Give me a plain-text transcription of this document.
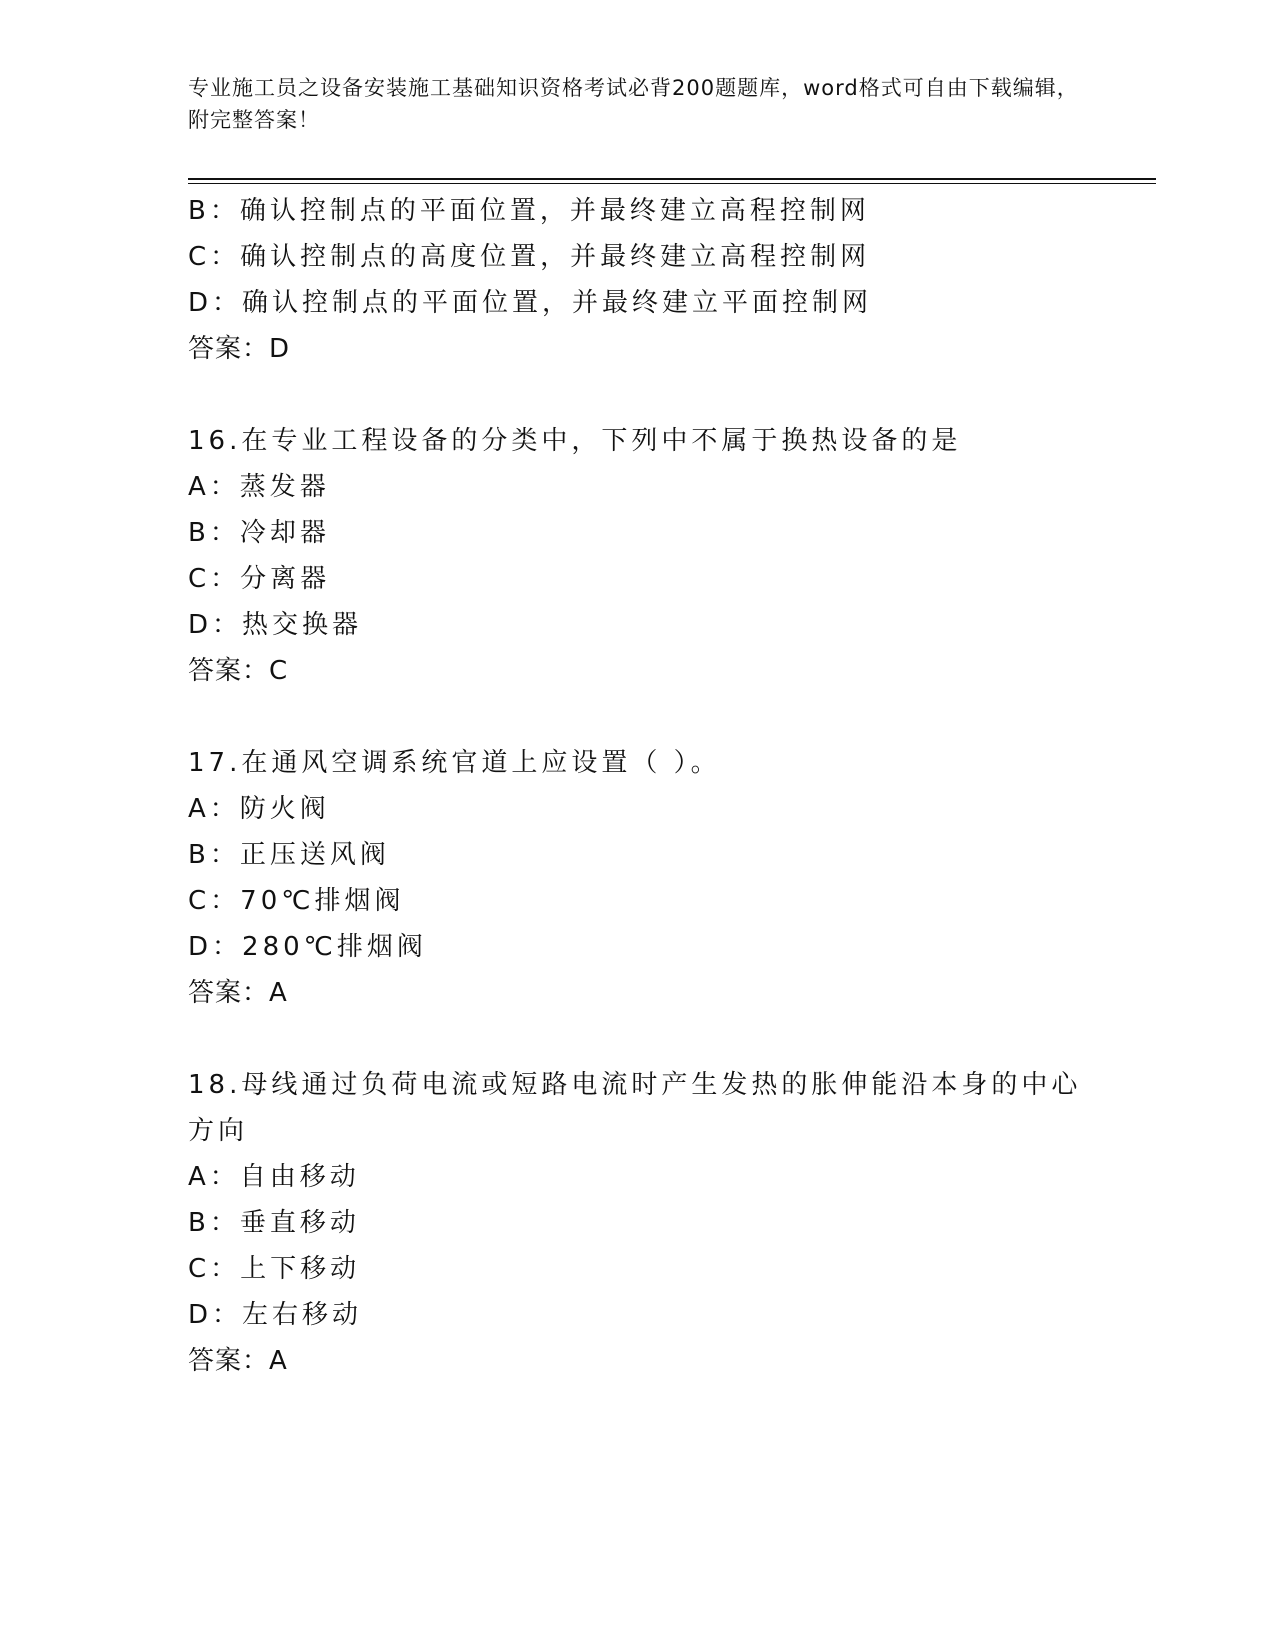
专业施工员之设备安装施工基础知识资格考试必背200题题库，word格式可自由下载编辑，附完整答案！
B：确认控制点的平面位置，并最终建立高程控制网
C：确认控制点的高度位置，并最终建立高程控制网
D：确认控制点的平面位置，并最终建立平面控制网
答案：D
16.在专业工程设备的分类中，下列中不属于换热设备的是
A：蒸发器
B：冷却器
C：分离器
D：热交换器
答案：C
17.在通风空调系统官道上应设置（ ）。
A：防火阀
B：正压送风阀
C：70℃排烟阀
D：280℃排烟阀
答案：A
18.母线通过负荷电流或短路电流时产生发热的胀伸能沿本身的中心方向
A：自由移动
B：垂直移动
C：上下移动
D：左右移动
答案：A
